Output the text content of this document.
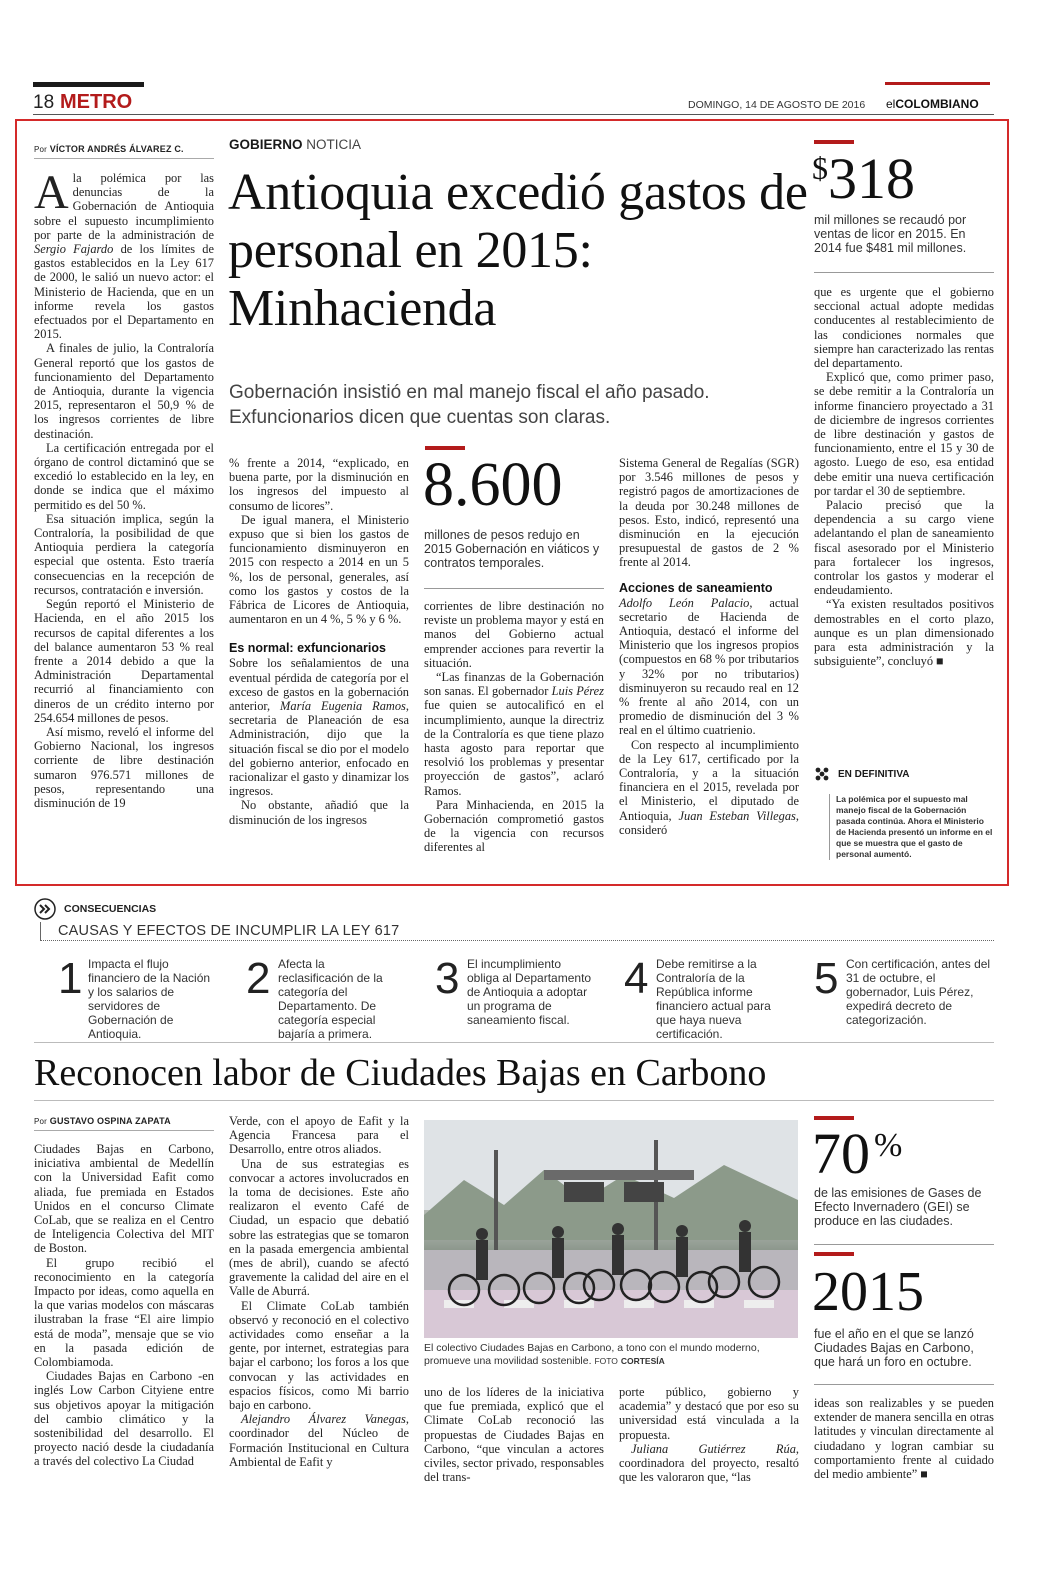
18 METRO	DOMINGO, 14 DE AGOSTO DE 2016 elCOLOMBIANO
Por VÍCTOR ANDRÉS ÁLVAREZ C.	GOBIERNO NOTICIA
Antioquia excedió gastos de personal en 2015: Minhacienda
Gobernación insistió en mal manejo fiscal el año pasado. Exfuncionarios dicen que cuentas son claras.

Ala polémica por las denuncias de la Gobernación de Antioquia sobre el supuesto incumplimiento por parte de la administración de Sergio Fajardo de los límites de gastos establecidos en la Ley 617 de 2000, le salió un nuevo actor: el Ministerio de Hacienda, que en un informe revela los gastos efectuados por el Departamento en 2015.

A finales de julio, la Contraloría General reportó que los gastos de funcionamiento del Departamento de Antioquia, durante la vigencia 2015, representaron el 50,9 % de los ingresos corrientes de libre destinación.

La certificación entregada por el órgano de control dictaminó que se excedió lo establecido en la ley, en donde se indica que el máximo permitido es del 50 %.

Esa situación implica, según la Contraloría, la posibilidad de que Antioquia perdiera la categoría especial que ostenta. Esto traería consecuencias en la recepción de recursos, contratación e inversión.

Según reportó el Ministerio de Hacienda, en el año 2015 los recursos de capital diferentes a los del balance aumentaron 53 % real frente a 2014 debido a que la Administración Departamental recurrió al financiamiento con dineros de un crédito interno por 254.654 millones de pesos.

Así mismo, reveló el informe del Gobierno Nacional, los ingresos corriente de libre destinación sumaron 976.571 millones de pesos, representando una disminución de 19

% frente a 2014, “explicado, en buena parte, por la disminución en los ingresos del impuesto al consumo de licores”.

De igual manera, el Ministerio expuso que si bien los gastos de funcionamiento disminuyeron en 2015 con respecto a 2014 en un 5 %, los de personal, generales, así como los gastos y costos de la Fábrica de Licores de Antioquia, aumentaron en un 4 %, 5 % y 6 %.

Es normal: exfuncionarios

Sobre los señalamientos de una eventual pérdida de categoría por el exceso de gastos en la gobernación anterior, María Eugenia Ramos, secretaria de Planeación de esa Administración, dijo que la situación fiscal se dio por el modelo del gobierno anterior, enfocado en racionalizar el gasto y dinamizar los ingresos.

No obstante, añadió que la disminución de los ingresos

8.600
millones de pesos redujo en 2015 Gobernación en viáticos y contratos temporales.

corrientes de libre destinación no reviste un problema mayor y está en manos del Gobierno actual emprender acciones para revertir la situación.

“Las finanzas de la Gobernación son sanas. El gobernador Luis Pérez fue quien se autocalificó en el incumplimiento, aunque la directriz de la Contraloría es que tiene plazo hasta agosto para reportar que resolvió los problemas y presentar proyección de gastos”, aclaró Ramos.

Para Minhacienda, en 2015 la Gobernación comprometió gastos de la vigencia con recursos diferentes al

Sistema General de Regalías (SGR) por 3.546 millones de pesos y registró pagos de amortizaciones de la deuda por 30.248 millones de pesos. Esto, indicó, representó una disminución en la ejecución presupuestal de gastos de 2 % frente al 2014.

Acciones de saneamiento

Adolfo León Palacio, actual secretario de Hacienda de Antioquia, destacó el informe del Ministerio que los ingresos propios (compuestos en 68 % por tributarios y 32% por no tributarios) disminuyeron su recaudo real en 12 % frente al año 2014, con un promedio de disminución del 3 % real en el último cuatrienio.

Con respecto al incumplimiento de la Ley 617, certificado por la Contraloría, y a la situación financiera en el 2015, revelada por el Ministerio, el diputado de Antioquia, Juan Esteban Villegas, consideró

$318
mil millones se recaudó por ventas de licor en 2015. En 2014 fue $481 mil millones.

que es urgente que el gobierno seccional actual adopte medidas conducentes al restablecimiento de las condiciones normales que siempre han caracterizado las rentas del departamento.

Explicó que, como primer paso, se debe remitir a la Contraloría un informe financiero proyectado a 31 de diciembre de ingresos corrientes de libre destinación y gastos de funcionamiento, entre el 15 y 30 de agosto. Luego de eso, esa entidad debe emitir una nueva certificación por tardar el 30 de septiembre.

Palacio precisó que la dependencia a su cargo viene adelantando el plan de saneamiento fiscal asesorado por el Ministerio para fortalecer los ingresos, controlar los gastos y moderar el endeudamiento.

“Ya existen resultados positivos demostrables en el corto plazo, aunque es un plan dimensionado para esta administración y la subsiguiente”, concluyó ■

EN DEFINITIVA
La polémica por el supuesto mal manejo fiscal de la Gobernación pasada continúa. Ahora el Ministerio de Hacienda presentó un informe en el que se muestra que el gasto de personal aumentó.
CONSECUENCIAS
CAUSAS Y EFECTOS DE INCUMPLIR LA LEY 617
1 Impacta el flujo financiero de la Nación y los salarios de servidores de Gobernación de Antioquia.
2 Afecta la reclasificación de la categoría del Departamento. De categoría especial bajaría a primera.
3 El incumplimiento obliga al Departamento de Antioquia a adoptar un programa de saneamiento fiscal.
4 Debe remitirse a la Contraloría de la República informe financiero actual para que haya nueva certificación.
5 Con certificación, antes del 31 de octubre, el gobernador, Luis Pérez, expedirá decreto de categorización.
Reconocen labor de Ciudades Bajas en Carbono
Por GUSTAVO OSPINA ZAPATA

Ciudades Bajas en Carbono, iniciativa ambiental de Medellín con la Universidad Eafit como aliada, fue premiada en Estados Unidos en el concurso Climate CoLab, que se realiza en el Centro de Inteligencia Colectiva del MIT de Boston.

El grupo recibió el reconocimiento en la categoría Impacto por ideas, como aquella en la que varias modelos con máscaras ilustraban la frase “El aire limpio está de moda”, mensaje que se vio en la pasada edición de Colombiamoda.

Ciudades Bajas en Carbono -en inglés Low Carbon Cityiene entre sus objetivos apoyar la mitigación del cambio climático y la sostenibilidad del desarrollo. El proyecto nació desde la ciudadanía a través del colectivo La Ciudad

Verde, con el apoyo de Eafit y la Agencia Francesa para el Desarrollo, entre otros aliados.

Una de sus estrategias es convocar a actores involucrados en la toma de decisiones. Este año realizaron el evento Café de Ciudad, un espacio que debatió sobre las estrategias que se tomaron en la pasada emergencia ambiental (mes de abril), cuando se afectó gravemente la calidad del aire en el Valle de Aburrá.

El Climate CoLab también observó y reconoció en el colectivo actividades como enseñar a la gente, por internet, estrategias para bajar el carbono; los foros a los que convocan y las actividades en espacios físicos, como Mi barrio bajo en carbono.

Alejandro Álvarez Vanegas, coordinador del Núcleo de Formación Institucional en Cultura Ambiental de Eafit y

El colectivo Ciudades Bajas en Carbono, a tono con el mundo moderno, promueve una movilidad sostenible. FOTO CORTESÍA

uno de los líderes de la iniciativa que fue premiada, explicó que el Climate CoLab reconoció las propuestas de Ciudades Bajas en Carbono, “que vinculan a actores civiles, sector privado, responsables del trans-

porte público, gobierno y academia” y destacó que por eso su universidad está vinculada a la propuesta.

Juliana Gutiérrez Rúa, coordinadora del proyecto, resaltó que les valoraron que, “las

70 %
de las emisiones de Gases de Efecto Invernadero (GEI) se produce en las ciudades.
2015
fue el año en el que se lanzó Ciudades Bajas en Carbono, que hará un foro en octubre.

ideas son realizables y se pueden extender de manera sencilla en otras latitudes y vinculan directamente al ciudadano y logran cambiar su comportamiento frente al cuidado del medio ambiente” ■
